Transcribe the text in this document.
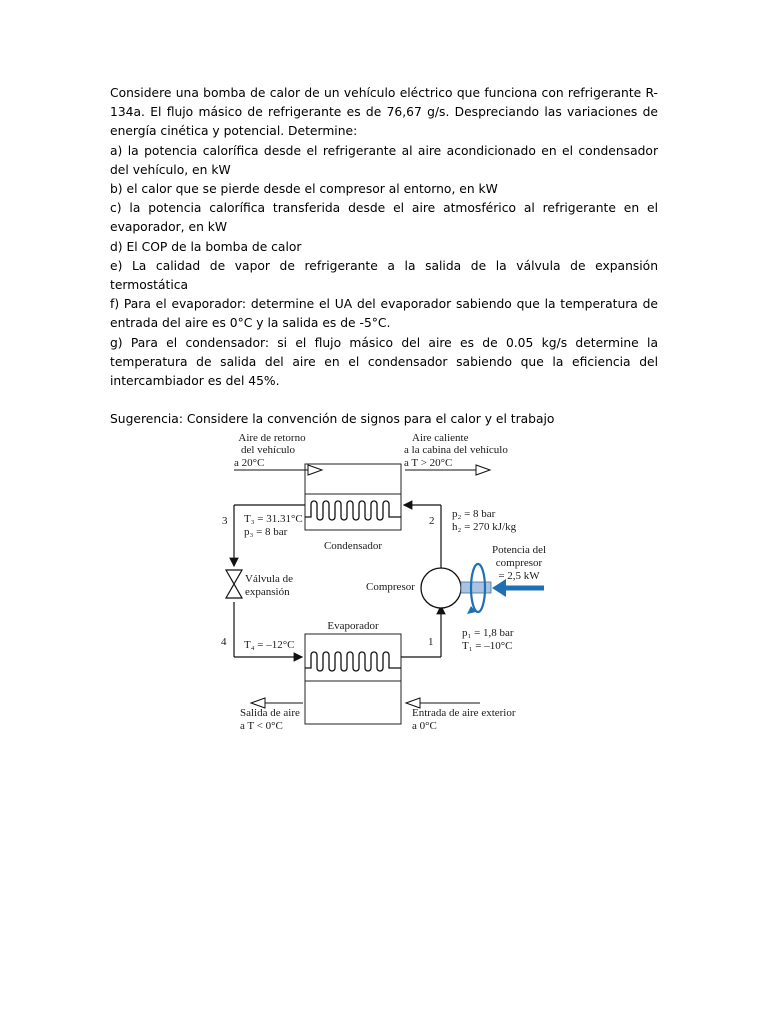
Considere una bomba de calor de un vehículo eléctrico que funciona con refrigerante R-134a. El flujo másico de refrigerante es de 76,67 g/s. Despreciando las variaciones de energía cinética y potencial. Determine:

a) la potencia calorífica desde el refrigerante al aire acondicionado en el condensador del vehículo, en kW

b) el calor que se pierde desde el compresor al entorno, en kW

c) la potencia calorífica transferida desde el aire atmosférico al refrigerante en el evaporador, en kW

d) El COP de la bomba de calor

e) La calidad de vapor de refrigerante a la salida de la válvula de expansión termostática

f) Para el evaporador: determine el UA del evaporador sabiendo que la temperatura de entrada del aire es 0°C y la salida es de -5°C.

g) Para el condensador: si el flujo másico del aire es de 0.05 kg/s determine la temperatura de salida del aire en el condensador sabiendo que la eficiencia del intercambiador es del 45%.

Sugerencia: Considere la convención de signos para el calor y el trabajo

Condensador
Evaporador
3 T₃ = 31.31°C
p₃ = 8 bar
2
p₂ = 8 bar
h₂ = 270 kJ/kg
4 T₄ = –12°C	1
p₁ = 1,8 bar
T₁ = –10°C
Válvula de
expansión	Compresor
Potencia del
compresor
= 2,5 kW
Aire de retorno
del vehículo
a 20°C
Aire caliente
a la cabina del vehículo
a T > 20°C
Salida de aire
a T < 0°C
Entrada de aire exterior
a 0°C
